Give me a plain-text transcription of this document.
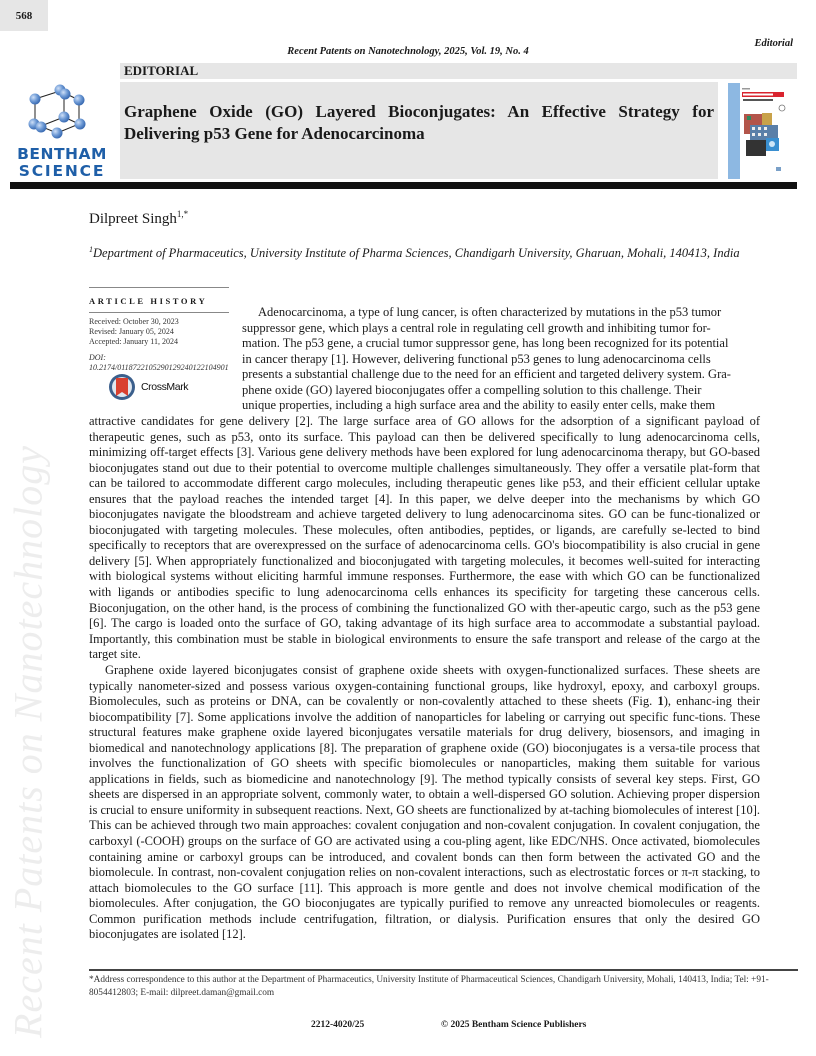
568
Editorial
Recent Patents on Nanotechnology, 2025, Vol. 19, No. 4
BENTHAM
SCIENCE
EDITORIAL
Graphene Oxide (GO) Layered Bioconjugates: An Effective Strategy for Delivering p53 Gene for Adenocarcinoma
Dilpreet Singh$^{1,*}$
$^1$Department of Pharmaceutics, University Institute of Pharma Sciences, Chandigarh University, Gharuan, Mohali, 140413, India
ARTICLE HISTORY
Received: October 30, 2023
Revised: January 05, 2024
Accepted: January 11, 2024
DOI:
10.2174/0118722105290129240122104901
CrossMark
Adenocarcinoma, a type of lung cancer, is often characterized by mutations in the p53 tumor
suppressor gene, which plays a central role in regulating cell growth and inhibiting tumor for-
mation. The p53 gene, a crucial tumor suppressor gene, has long been recognized for its potential
in cancer therapy [1]. However, delivering functional p53 genes to lung adenocarcinoma cells
presents a substantial challenge due to the need for an efficient and targeted delivery system. Gra-
phene oxide (GO) layered bioconjugates offer a compelling solution to this challenge. Their
unique properties, including a high surface area and the ability to easily enter cells, make them
attractive candidates for gene delivery [2]. The large surface area of GO allows for the adsorption of a significant payload of therapeutic genes, such as p53, onto its surface. This payload can then be delivered specifically to lung adenocarcinoma cells, minimizing off-target effects [3]. Various gene delivery methods have been explored for lung adenocarcinoma therapy, but GO-based bioconjugates stand out due to their potential to overcome multiple challenges simultaneously. They offer a versatile plat-form that can be tailored to accommodate different cargo molecules, including therapeutic genes like p53, and their efficient cellular uptake ensures that the payload reaches the intended target [4]. In this paper, we delve deeper into the mechanisms by which GO bioconjugates navigate the bloodstream and achieve targeted delivery to lung adenocarcinoma sites. GO can be func-tionalized or bioconjugated with targeting molecules. These molecules, often antibodies, peptides, or ligands, are carefully se-lected to bind specifically to receptors that are overexpressed on the surface of adenocarcinoma cells. GO's biocompatibility is also crucial in gene delivery [5]. When appropriately functionalized and bioconjugated with targeting molecules, it becomes well-suited for interacting with biological systems without eliciting harmful immune responses. Furthermore, the ease with which GO can be functionalized with ligands or antibodies specific to lung adenocarcinoma cells enhances its specificity for targeting these cancerous cells. Bioconjugation, on the other hand, is the process of combining the functionalized GO with ther-apeutic cargo, such as the p53 gene [6]. The cargo is loaded onto the surface of GO, taking advantage of its high surface area to accommodate a substantial payload. Importantly, this combination must be stable in biological environments to ensure the safe transport and release of the cargo at the target site.
Graphene oxide layered biconjugates consist of graphene oxide sheets with oxygen-functionalized surfaces. These sheets are typically nanometer-sized and possess various oxygen-containing functional groups, like hydroxyl, epoxy, and carboxyl groups. Biomolecules, such as proteins or DNA, can be covalently or non-covalently attached to these sheets (Fig. 1), enhanc-ing their biocompatibility [7]. Some applications involve the addition of nanoparticles for labeling or carrying out specific func-tions. These structural features make graphene oxide layered biconjugates versatile materials for drug delivery, biosensors, and imaging in biomedical and nanotechnology applications [8]. The preparation of graphene oxide (GO) bioconjugates is a versa-tile process that involves the functionalization of GO sheets with specific biomolecules or nanoparticles, making them suitable for various applications in fields, such as biomedicine and nanotechnology [9]. The method typically consists of several key steps. First, GO sheets are dispersed in an appropriate solvent, commonly water, to obtain a well-dispersed GO solution. Achieving proper dispersion is crucial to ensure uniformity in subsequent reactions. Next, GO sheets are functionalized by at-taching biomolecules of interest [10]. This can be achieved through two main approaches: covalent conjugation and non-covalent conjugation. In covalent conjugation, the carboxyl (-COOH) groups on the surface of GO are activated using a cou-pling agent, like EDC/NHS. Once activated, biomolecules containing amine or carboxyl groups can be introduced, and covalent bonds can then form between the activated GO and the biomolecule. In contrast, non-covalent conjugation relies on non-covalent interactions, such as electrostatic forces or π-π stacking, to attach biomolecules to the GO surface [11]. This approach is more gentle and does not involve chemical modification of the biomolecules. After conjugation, the GO bioconjugates are typically purified to remove any unreacted biomolecules or reagents. Common purification methods include centrifugation, filtration, or dialysis. Purification ensures that only the desired GO bioconjugates are isolated [12].
Recent Patents on Nanotechnology	*Address correspondence to this author at the Department of Pharmaceutics, University Institute of Pharmaceutical Sciences, Chandigarh University, Mohali, 140413, India; Tel: +91-8054412803; E-mail: dilpreet.daman@gmail.com
2212-4020/25	© 2025 Bentham Science Publishers
